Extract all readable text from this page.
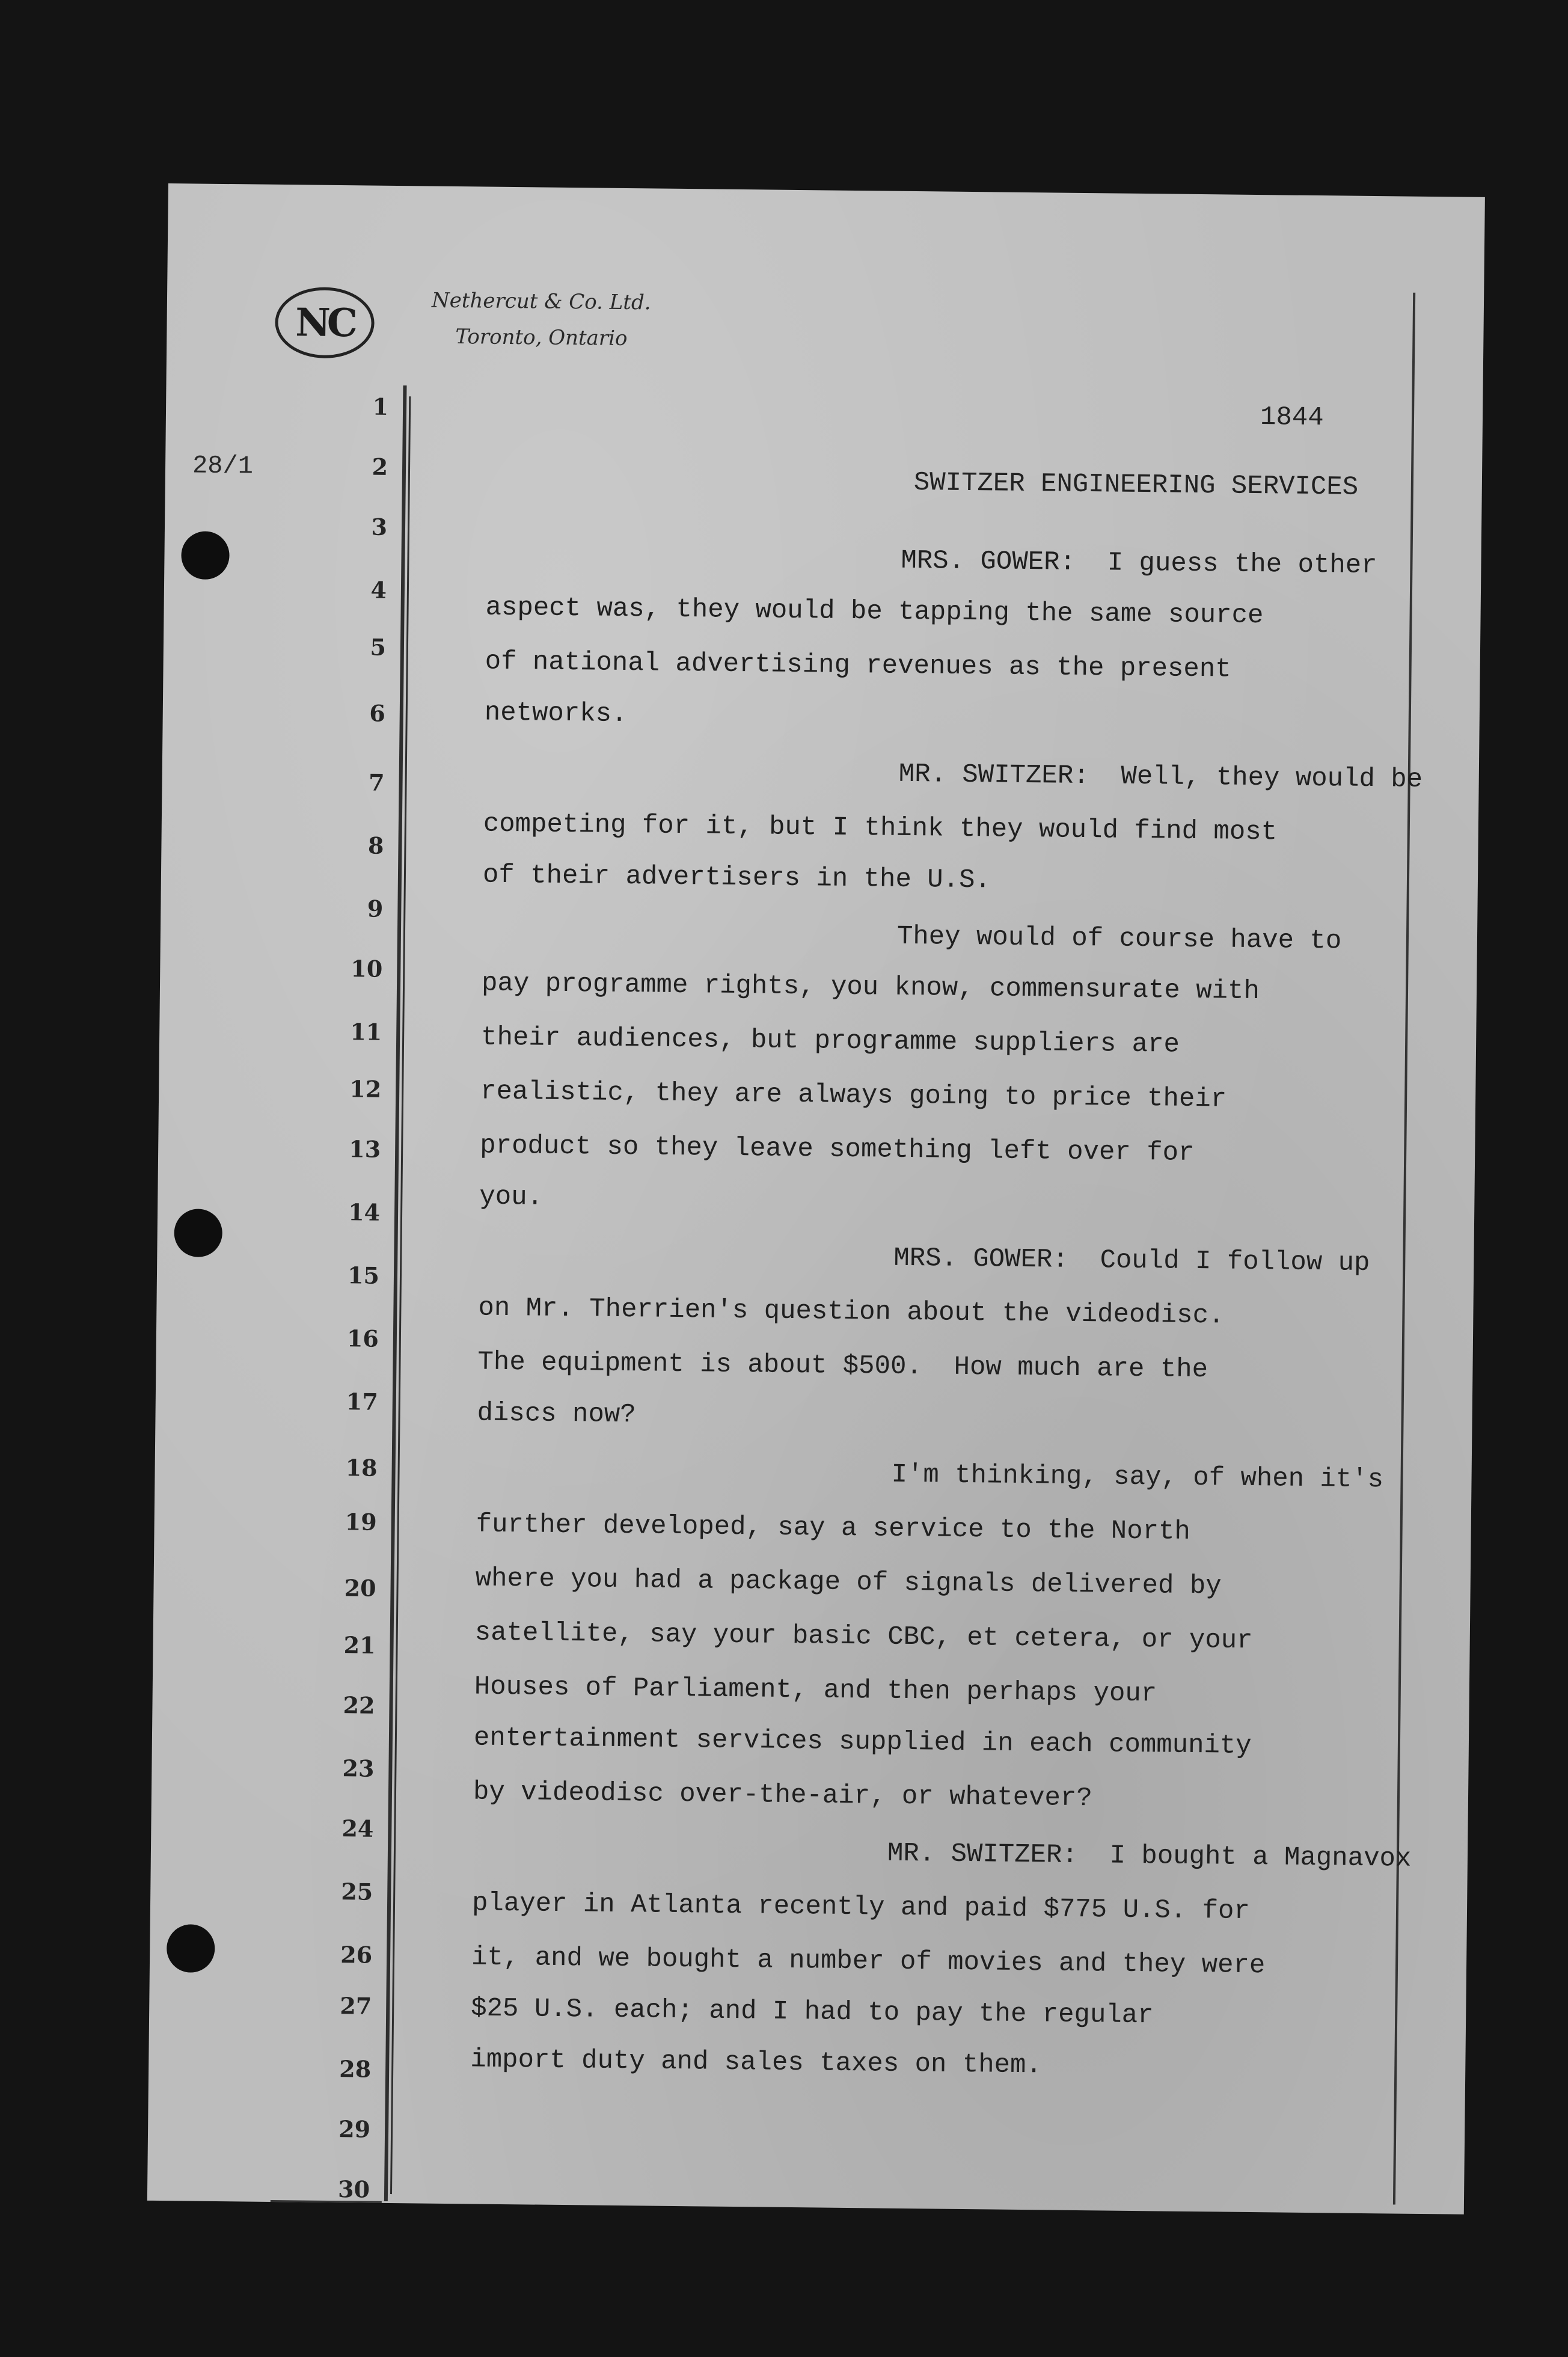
NC	Nethercut & Co. Ltd.
Toronto, Ontario
28/1
1844
SWITZER ENGINEERING SERVICES
1
2
3
4
5
6
7
8
9
10
11
12
13
14
15
16
17
18
19
20
21
22
23
24
25
26
27
28
29
30
MRS. GOWER:  I guess the other
aspect was, they would be tapping the same source
of national advertising revenues as the present
networks.
MR. SWITZER:  Well, they would be
competing for it, but I think they would find most
of their advertisers in the U.S.
They would of course have to
pay programme rights, you know, commensurate with
their audiences, but programme suppliers are
realistic, they are always going to price their
product so they leave something left over for
you.
MRS. GOWER:  Could I follow up
on Mr. Therrien's question about the videodisc.
The equipment is about $500.  How much are the
discs now?
I'm thinking, say, of when it's
further developed, say a service to the North
where you had a package of signals delivered by
satellite, say your basic CBC, et cetera, or your
Houses of Parliament, and then perhaps your
entertainment services supplied in each community
by videodisc over-the-air, or whatever?
MR. SWITZER:  I bought a Magnavox
player in Atlanta recently and paid $775 U.S. for
it, and we bought a number of movies and they were
$25 U.S. each; and I had to pay the regular
import duty and sales taxes on them.
